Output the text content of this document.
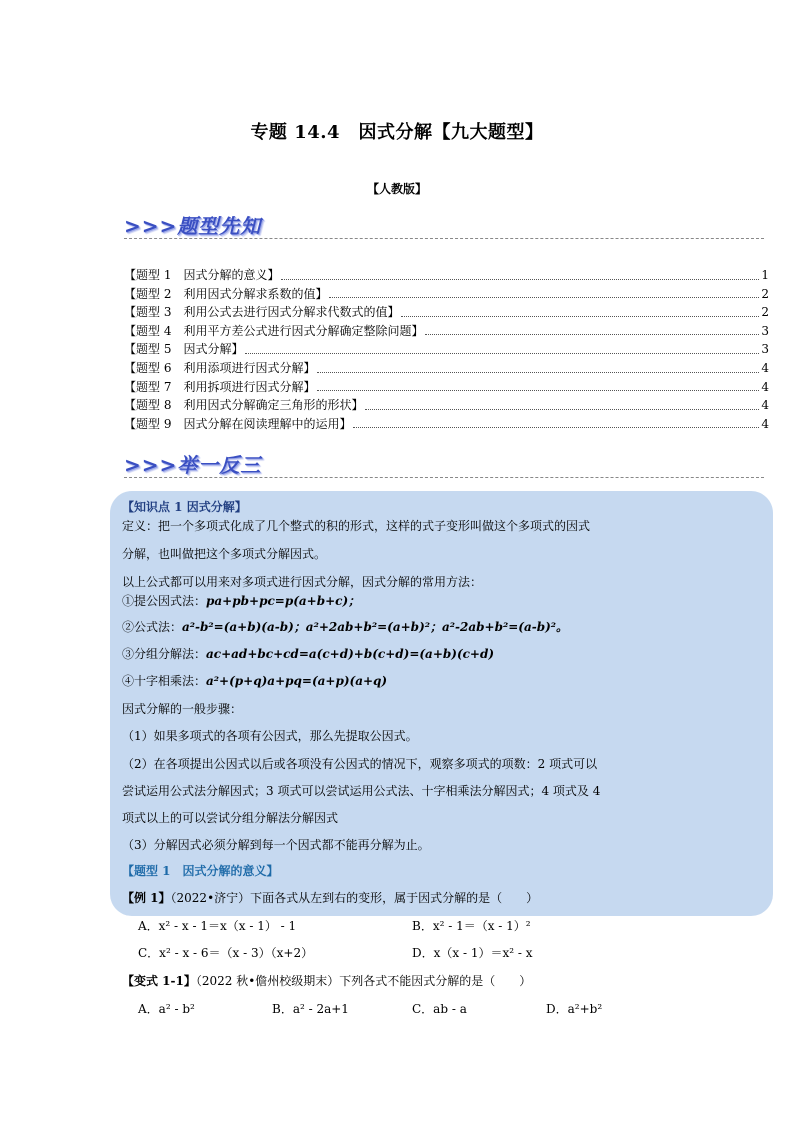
专题 14.4　因式分解【九大题型】
【人教版】
>>>题型先知
【题型 1　因式分解的意义】	1
【题型 2　利用因式分解求系数的值】	2
【题型 3　利用公式去进行因式分解求代数式的值】	2
【题型 4　利用平方差公式进行因式分解确定整除问题】	3
【题型 5　因式分解】	3
【题型 6　利用添项进行因式分解】	4
【题型 7　利用拆项进行因式分解】	4
【题型 8　利用因式分解确定三角形的形状】	4
【题型 9　因式分解在阅读理解中的运用】	4
>>>举一反三
【知识点 1 因式分解】
定义：把一个多项式化成了几个整式的积的形式，这样的式子变形叫做这个多项式的因式
分解，也叫做把这个多项式分解因式。
以上公式都可以用来对多项式进行因式分解，因式分解的常用方法：
①提公因式法：pa+pb+pc=p(a+b+c)；
②公式法：a²-b²=(a+b)(a-b)；a²+2ab+b²=(a+b)²；a²-2ab+b²=(a-b)²。
③分组分解法：ac+ad+bc+cd=a(c+d)+b(c+d)=(a+b)(c+d)
④十字相乘法：a²+(p+q)a+pq=(a+p)(a+q)
因式分解的一般步骤：
（1）如果多项式的各项有公因式，那么先提取公因式。
（2）在各项提出公因式以后或各项没有公因式的情况下，观察多项式的项数：2 项式可以
尝试运用公式法分解因式；3 项式可以尝试运用公式法、十字相乘法分解因式；4 项式及 4
项式以上的可以尝试分组分解法分解因式
（3）分解因式必须分解到每一个因式都不能再分解为止。
【题型 1　因式分解的意义】
【例 1】（2022•济宁）下面各式从左到右的变形，属于因式分解的是（　　）
A．x² - x - 1＝x（x - 1） - 1	B．x² - 1＝（x - 1）²
C．x² - x - 6＝（x - 3）（x+2）	D．x（x - 1）＝x² - x
【变式 1-1】（2022 秋•儋州校级期末）下列各式不能因式分解的是（　　）
A．a² - b²	B．a² - 2a+1	C．ab - a	D．a²+b²
